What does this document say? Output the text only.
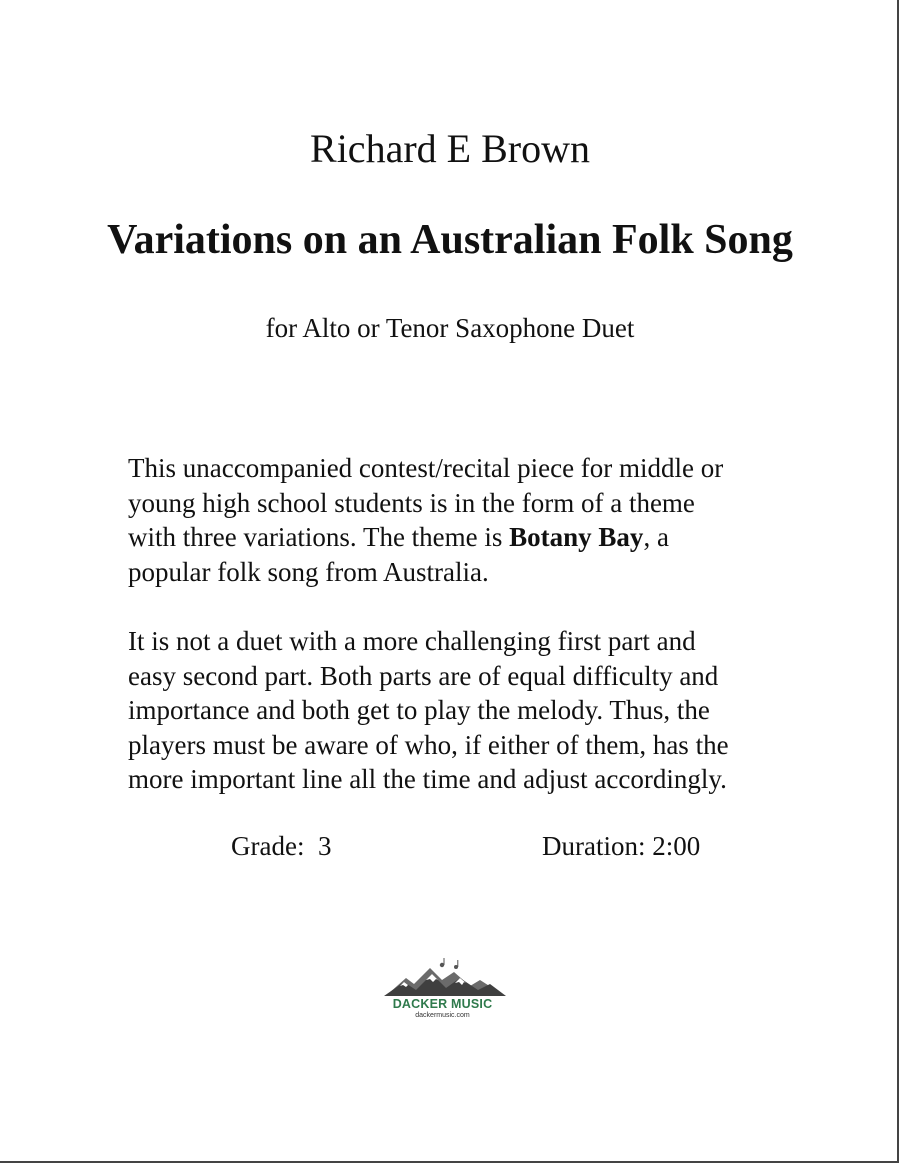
Richard E Brown
Variations on an Australian Folk Song
for Alto or Tenor Saxophone Duet

This unaccompanied contest/recital piece for middle or
young high school students is in the form of a theme
with three variations. The theme is Botany Bay, a
popular folk song from Australia.

It is not a duet with a more challenging first part and
easy second part. Both parts are of equal difficulty and
importance and both get to play the melody. Thus, the
players must be aware of who, if either of them, has the
more important line all the time and adjust accordingly.

Grade:  3	Duration: 2:00
DACKER MUSIC
dackermusic.com
